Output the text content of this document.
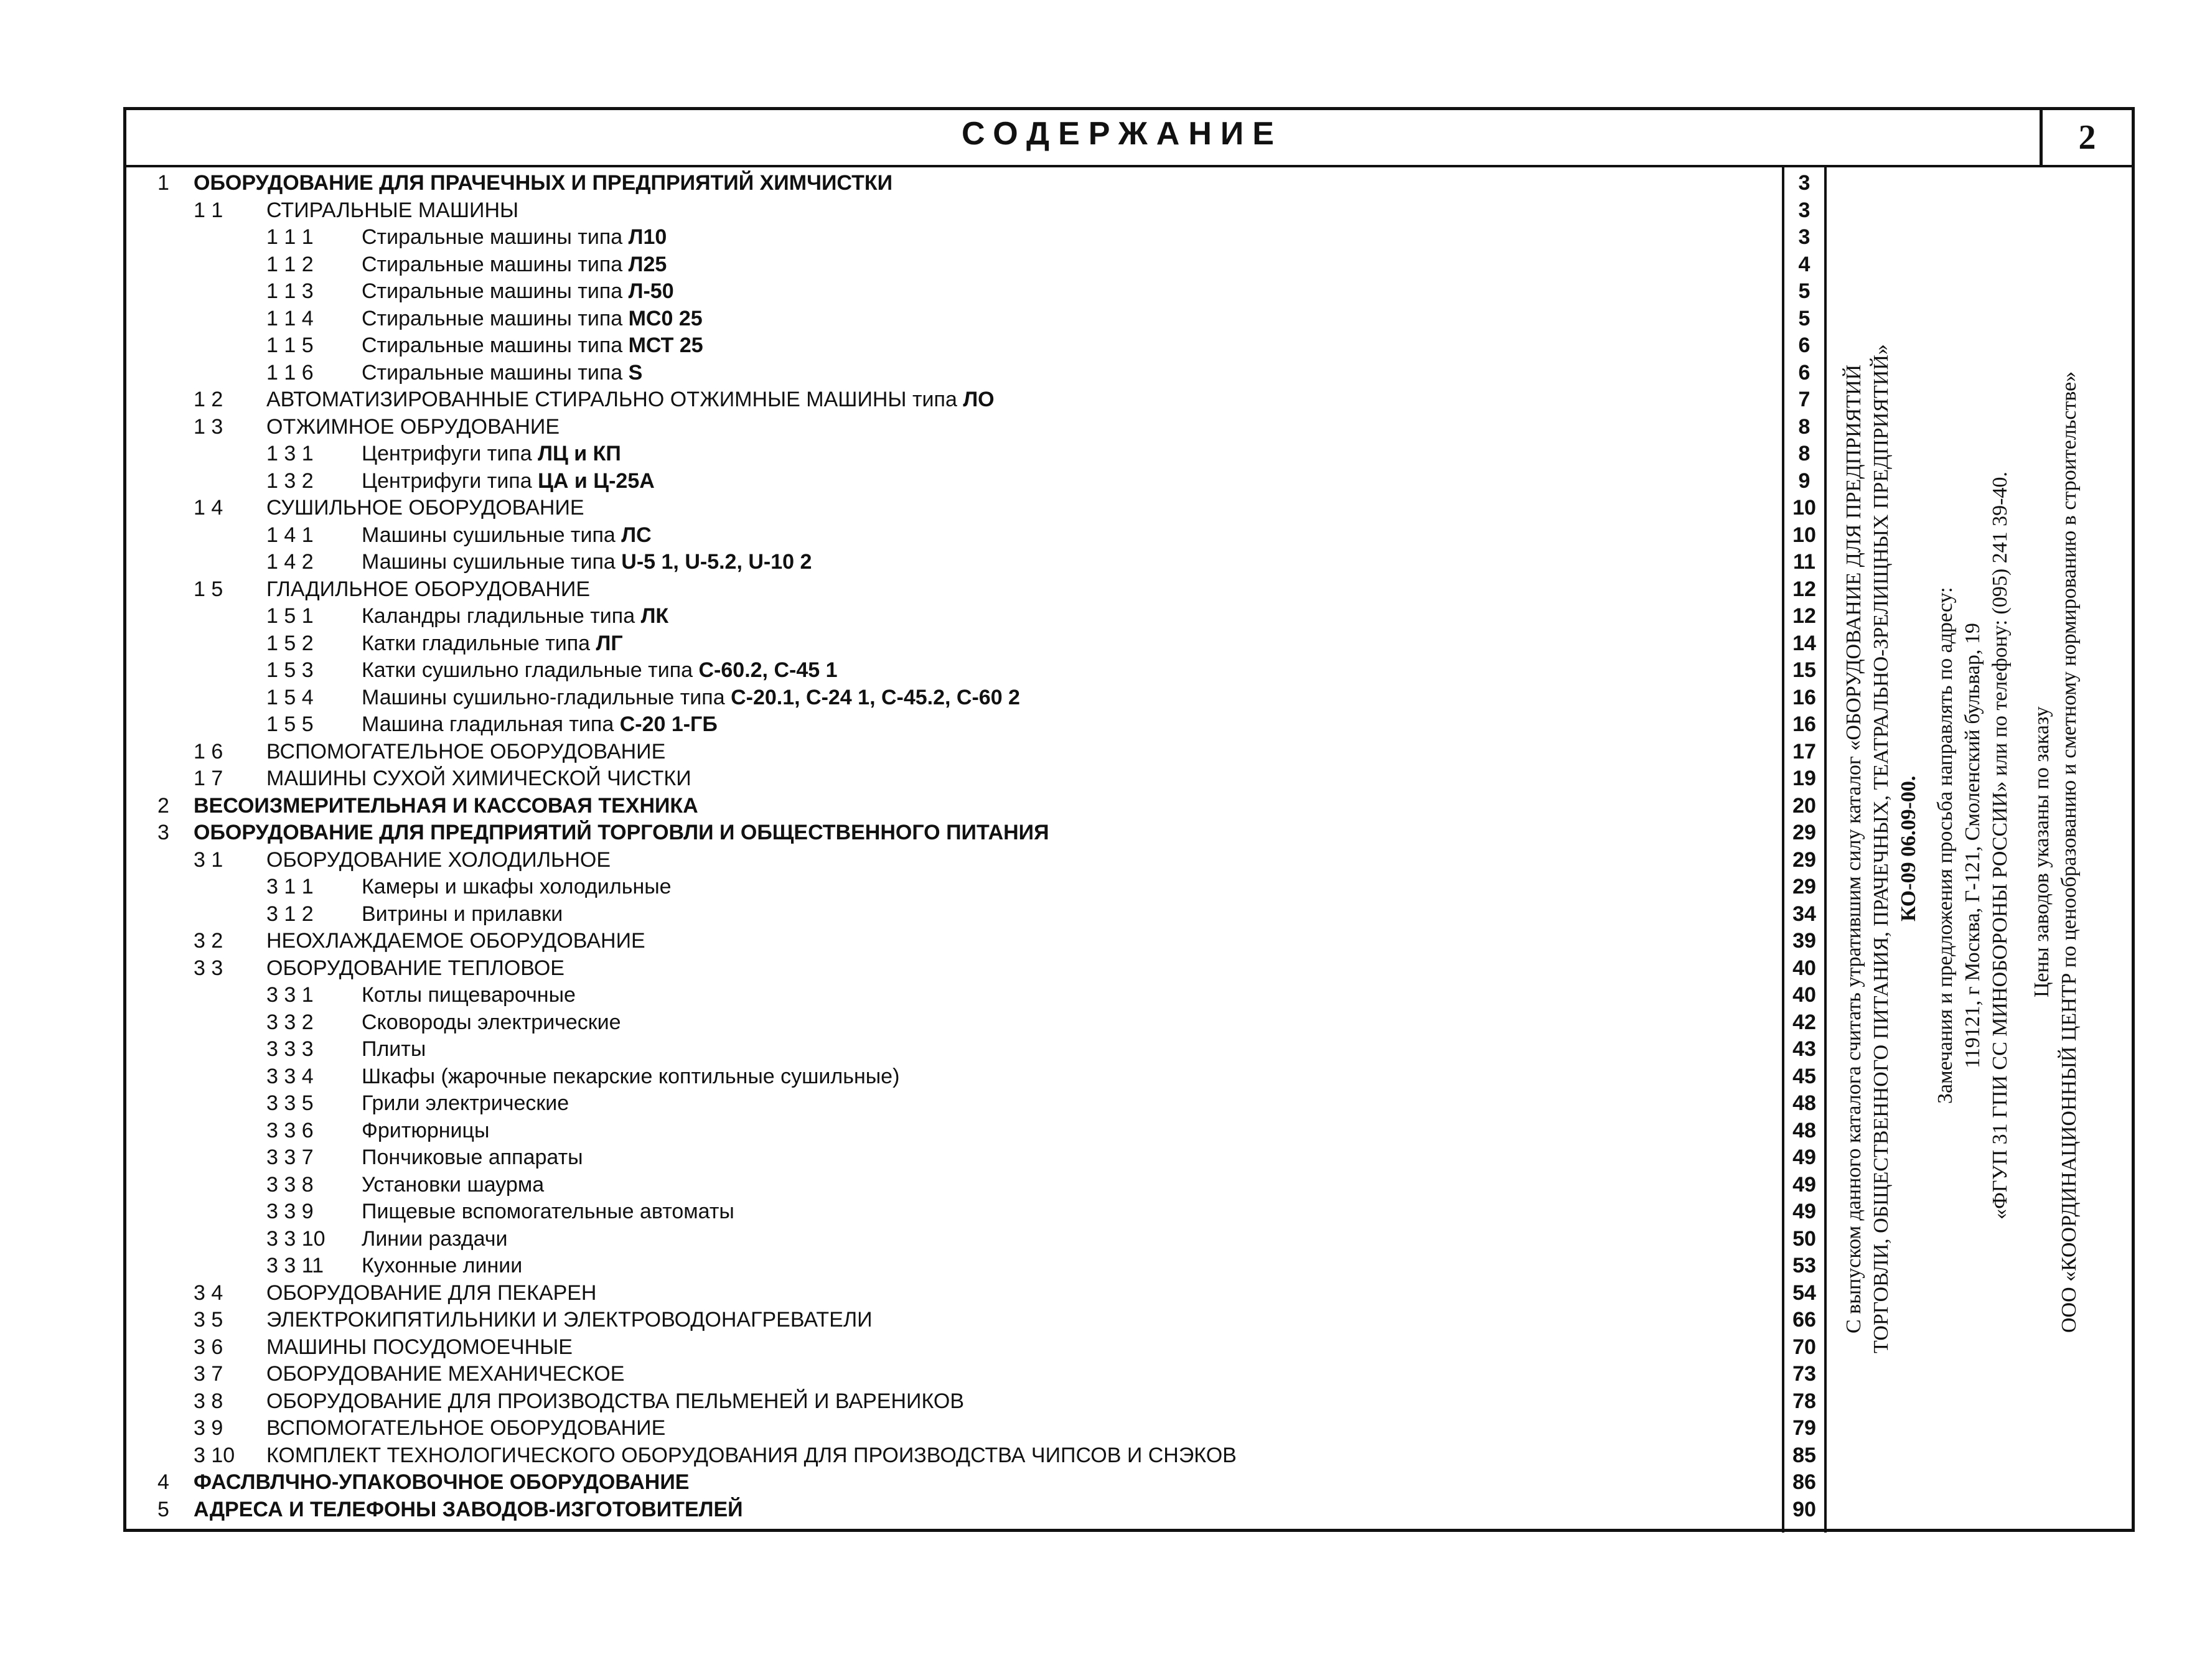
СОДЕРЖАНИЕ	2
1 ОБОРУДОВАНИЕ ДЛЯ ПРАЧЕЧНЫХ И ПРЕДПРИЯТИЙ ХИМЧИСТКИ	3
1 1 СТИРАЛЬНЫЕ МАШИНЫ	3
1 1 1 Стиральные машины типа Л10	3
1 1 2 Стиральные машины типа Л25	4
1 1 3 Стиральные машины типа Л-50	5
1 1 4 Стиральные машины типа МС0 25	5
1 1 5 Стиральные машины типа МСТ 25	6
1 1 6 Стиральные машины типа S	6
1 2 АВТОМАТИЗИРОВАННЫЕ СТИРАЛЬНО ОТЖИМНЫЕ МАШИНЫ типа ЛО	7
1 3 ОТЖИМНОЕ ОБРУДОВАНИЕ	8
1 3 1 Центрифуги типа ЛЦ и КП	8
1 3 2 Центрифуги типа ЦА и Ц-25А	9
1 4 СУШИЛЬНОЕ ОБОРУДОВАНИЕ	10
1 4 1 Машины сушильные типа ЛС	10
1 4 2 Машины сушильные типа U-5 1, U-5.2, U-10 2	11
1 5 ГЛАДИЛЬНОЕ ОБОРУДОВАНИЕ	12
1 5 1 Каландры гладильные типа ЛК	12
1 5 2 Катки гладильные типа ЛГ	14
1 5 3 Катки сушильно гладильные типа С-60.2, С-45 1	15
1 5 4 Машины сушильно-гладильные типа С-20.1, С-24 1, С-45.2, С-60 2	16
1 5 5 Машина гладильная типа С-20 1-ГБ	16
1 6 ВСПОМОГАТЕЛЬНОЕ ОБОРУДОВАНИЕ	17
1 7 МАШИНЫ СУХОЙ ХИМИЧЕСКОЙ ЧИСТКИ	19
2 ВЕСОИЗМЕРИТЕЛЬНАЯ И КАССОВАЯ ТЕХНИКА	20
3 ОБОРУДОВАНИЕ ДЛЯ ПРЕДПРИЯТИЙ ТОРГОВЛИ И ОБЩЕСТВЕННОГО ПИТАНИЯ	29
3 1 ОБОРУДОВАНИЕ ХОЛОДИЛЬНОЕ	29
3 1 1 Камеры и шкафы холодильные	29
3 1 2 Витрины и прилавки	34
3 2 НЕОХЛАЖДАЕМОЕ ОБОРУДОВАНИЕ	39
3 3 ОБОРУДОВАНИЕ ТЕПЛОВОЕ	40
3 3 1 Котлы пищеварочные	40
3 3 2 Сковороды электрические	42
3 3 3 Плиты	43
3 3 4 Шкафы (жарочные пекарские коптильные сушильные)	45
3 3 5 Грили электрические	48
3 3 6 Фритюрницы	48
3 3 7 Пончиковые аппараты	49
3 3 8 Установки шаурма	49
3 3 9 Пищевые вспомогательные автоматы	49
3 3 10 Линии раздачи	50
3 3 11 Кухонные линии	53
3 4 ОБОРУДОВАНИЕ ДЛЯ ПЕКАРЕН	54
3 5 ЭЛЕКТРОКИПЯТИЛЬНИКИ И ЭЛЕКТРОВОДОНАГРЕВАТЕЛИ	66
3 6 МАШИНЫ ПОСУДОМОЕЧНЫЕ	70
3 7 ОБОРУДОВАНИЕ МЕХАНИЧЕСКОЕ	73
3 8 ОБОРУДОВАНИЕ ДЛЯ ПРОИЗВОДСТВА ПЕЛЬМЕНЕЙ И ВАРЕНИКОВ	78
3 9 ВСПОМОГАТЕЛЬНОЕ ОБОРУДОВАНИЕ	79
3 10 КОМПЛЕКТ ТЕХНОЛОГИЧЕСКОГО ОБОРУДОВАНИЯ ДЛЯ ПРОИЗВОДСТВА ЧИПСОВ И СНЭКОВ	85
4 ФАСЛВЛЧНО-УПАКОВОЧНОЕ ОБОРУДОВАНИЕ	86
5 АДРЕСА И ТЕЛЕФОНЫ ЗАВОДОВ-ИЗГОТОВИТЕЛЕЙ	90
С выпуском данного каталога считать утратившим силу каталог «ОБОРУДОВАНИЕ ДЛЯ ПРЕДПРИЯТИЙ ТОРГОВЛИ, ОБЩЕСТВЕННОГО ПИТАНИЯ, ПРАЧЕЧНЫХ, ТЕАТРАЛЬНО-ЗРЕЛИЩНЫХ ПРЕДПРИЯТИЙ» КО-09 06.09-00. Замечания и предложения просьба направлять по адресу: 119121, г Москва, Г-121, Смоленский бульвар, 19 «ФГУП 31 ГПИ СС МИНОБОРОНЫ РОССИИ» или по телефону: (095) 241 39-40. Цены заводов указаны по заказу ООО «КООРДИНАЦИОННЫЙ ЦЕНТР по ценообразованию и сметному нормированию в строительстве»
